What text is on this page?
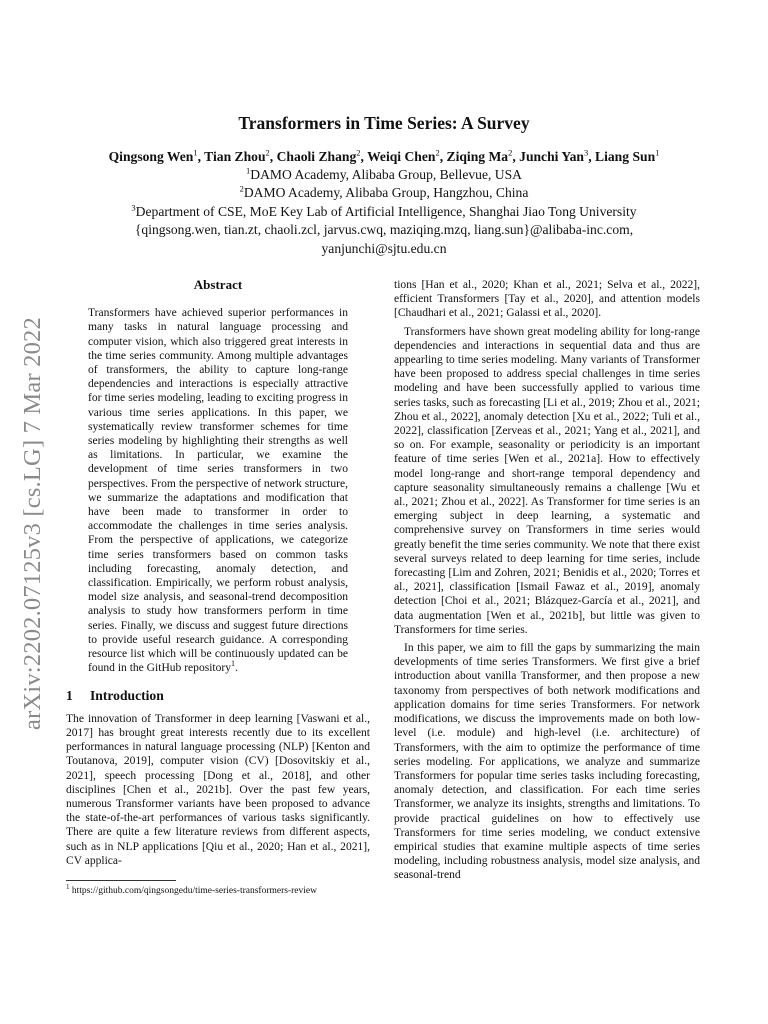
arXiv:2202.07125v3 [cs.LG] 7 Mar 2022
Transformers in Time Series: A Survey
Qingsong Wen$^1$, Tian Zhou$^2$, Chaoli Zhang$^2$, Weiqi Chen$^2$, Ziqing Ma$^2$, Junchi Yan$^3$, Liang Sun$^1$
$^1$DAMO Academy, Alibaba Group, Bellevue, USA
$^2$DAMO Academy, Alibaba Group, Hangzhou, China
$^3$Department of CSE, MoE Key Lab of Artificial Intelligence, Shanghai Jiao Tong University
{qingsong.wen, tian.zt, chaoli.zcl, jarvus.cwq, maziqing.mzq, liang.sun}@alibaba-inc.com,
yanjunchi@sjtu.edu.cn
Abstract

Transformers have achieved superior performances in many tasks in natural language processing and computer vision, which also triggered great interests in the time series community. Among multiple advantages of transformers, the ability to capture long-range dependencies and interactions is especially attractive for time series modeling, leading to exciting progress in various time series applications. In this paper, we systematically review transformer schemes for time series modeling by highlighting their strengths as well as limitations. In particular, we examine the development of time series transformers in two perspectives. From the perspective of network structure, we summarize the adaptations and modification that have been made to transformer in order to accommodate the challenges in time series analysis. From the perspective of applications, we categorize time series transformers based on common tasks including forecasting, anomaly detection, and classification. Empirically, we perform robust analysis, model size analysis, and seasonal-trend decomposition analysis to study how transformers perform in time series. Finally, we discuss and suggest future directions to provide useful research guidance. A corresponding resource list which will be continuously updated can be found in the GitHub repository$^1$.

1 Introduction

The innovation of Transformer in deep learning [Vaswani et al., 2017] has brought great interests recently due to its excellent performances in natural language processing (NLP) [Kenton and Toutanova, 2019], computer vision (CV) [Dosovitskiy et al., 2021], speech processing [Dong et al., 2018], and other disciplines [Chen et al., 2021b]. Over the past few years, numerous Transformer variants have been proposed to advance the state-of-the-art performances of various tasks significantly. There are quite a few literature reviews from different aspects, such as in NLP applications [Qiu et al., 2020; Han et al., 2021], CV applica-

$^1$ https://github.com/qingsongedu/time-series-transformers-review

tions [Han et al., 2020; Khan et al., 2021; Selva et al., 2022], efficient Transformers [Tay et al., 2020], and attention models [Chaudhari et al., 2021; Galassi et al., 2020].

Transformers have shown great modeling ability for long-range dependencies and interactions in sequential data and thus are appearling to time series modeling. Many variants of Transformer have been proposed to address special challenges in time series modeling and have been successfully applied to various time series tasks, such as forecasting [Li et al., 2019; Zhou et al., 2021; Zhou et al., 2022], anomaly detection [Xu et al., 2022; Tuli et al., 2022], classification [Zerveas et al., 2021; Yang et al., 2021], and so on. For example, seasonality or periodicity is an important feature of time series [Wen et al., 2021a]. How to effectively model long-range and short-range temporal dependency and capture seasonality simultaneously remains a challenge [Wu et al., 2021; Zhou et al., 2022]. As Transformer for time series is an emerging subject in deep learning, a systematic and comprehensive survey on Transformers in time series would greatly benefit the time series community. We note that there exist several surveys related to deep learning for time series, include forecasting [Lim and Zohren, 2021; Benidis et al., 2020; Torres et al., 2021], classification [Ismail Fawaz et al., 2019], anomaly detection [Choi et al., 2021; Blázquez-García et al., 2021], and data augmentation [Wen et al., 2021b], but little was given to Transformers for time series.

In this paper, we aim to fill the gaps by summarizing the main developments of time series Transformers. We first give a brief introduction about vanilla Transformer, and then propose a new taxonomy from perspectives of both network modifications and application domains for time series Transformers. For network modifications, we discuss the improvements made on both low-level (i.e. module) and high-level (i.e. architecture) of Transformers, with the aim to optimize the performance of time series modeling. For applications, we analyze and summarize Transformers for popular time series tasks including forecasting, anomaly detection, and classification. For each time series Transformer, we analyze its insights, strengths and limitations. To provide practical guidelines on how to effectively use Transformers for time series modeling, we conduct extensive empirical studies that examine multiple aspects of time series modeling, including robustness analysis, model size analysis, and seasonal-trend
